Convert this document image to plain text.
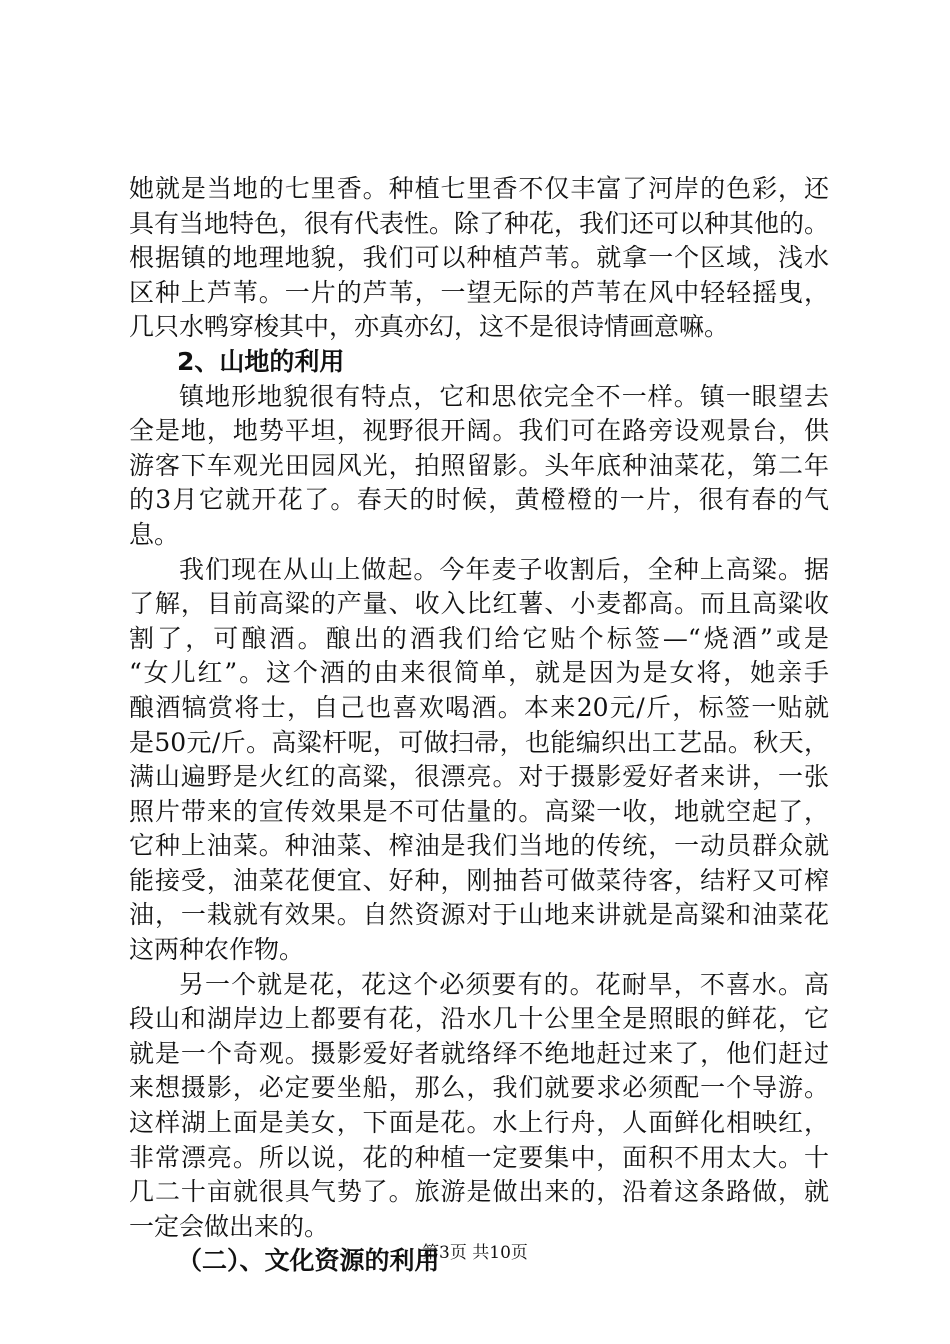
她就是当地的七里香。种植七里香不仅丰富了河岸的色彩，还
具有当地特色，很有代表性。除了种花，我们还可以种其他的。
根据镇的地理地貌，我们可以种植芦苇。就拿一个区域，浅水
区种上芦苇。一片的芦苇，一望无际的芦苇在风中轻轻摇曳，
几只水鸭穿梭其中，亦真亦幻，这不是很诗情画意嘛。
2、山地的利用
镇地形地貌很有特点，它和思依完全不一样。镇一眼望去
全是地，地势平坦，视野很开阔。我们可在路旁设观景台，供
游客下车观光田园风光，拍照留影。头年底种油菜花，第二年
的3月它就开花了。春天的时候，黄橙橙的一片，很有春的气
息。
我们现在从山上做起。今年麦子收割后，全种上高粱。据
了解，目前高粱的产量、收入比红薯、小麦都高。而且高粱收
割了，可酿酒。酿出的酒我们给它贴个标签—“烧酒”或是
“女儿红”。这个酒的由来很简单，就是因为是女将，她亲手
酿酒犒赏将士，自己也喜欢喝酒。本来20元/斤，标签一贴就
是50元/斤。高粱杆呢，可做扫帚，也能编织出工艺品。秋天，
满山遍野是火红的高粱，很漂亮。对于摄影爱好者来讲，一张
照片带来的宣传效果是不可估量的。高粱一收，地就空起了，
它种上油菜。种油菜、榨油是我们当地的传统，一动员群众就
能接受，油菜花便宜、好种，刚抽苔可做菜待客，结籽又可榨
油，一栽就有效果。自然资源对于山地来讲就是高粱和油菜花
这两种农作物。
另一个就是花，花这个必须要有的。花耐旱，不喜水。高
段山和湖岸边上都要有花，沿水几十公里全是照眼的鲜花，它
就是一个奇观。摄影爱好者就络绎不绝地赶过来了，他们赶过
来想摄影，必定要坐船，那么，我们就要求必须配一个导游。
这样湖上面是美女，下面是花。水上行舟，人面鲜化相映红，
非常漂亮。所以说，花的种植一定要集中，面积不用太大。十
几二十亩就很具气势了。旅游是做出来的，沿着这条路做，就
一定会做出来的。
（二）、文化资源的利用
第3页 共10页
